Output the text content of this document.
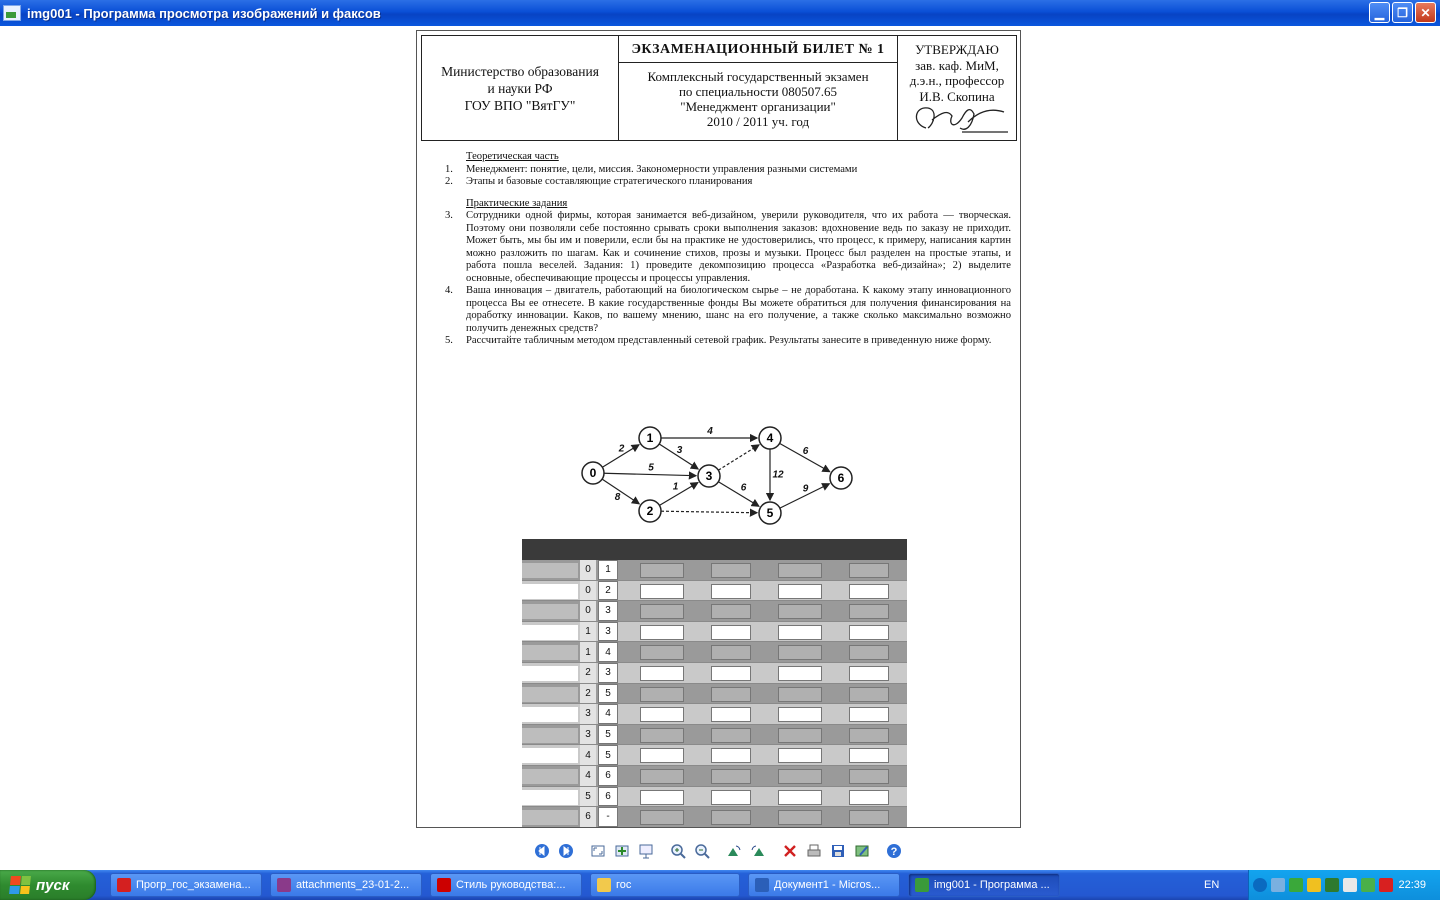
img001 - Программа просмотра изображений и факсов	▁ ❐ ✕
Министерство образования
и науки РФ
ГОУ ВПО "ВятГУ"
ЭКЗАМЕНАЦИОННЫЙ БИЛЕТ № 1
Комплексный государственный экзамен
по специальности 080507.65
"Менеджмент организации"
2010 / 2011 уч. год
УТВЕРЖДАЮ
зав. каф. МиМ,
д.э.н., профессор
И.В. Скопина
Теоретическая часть
1.	Менеджмент: понятие, цели, миссия. Закономерности управления разными системами
2.	Этапы и базовые составляющие стратегического планирования
Практические задания
3.	Сотрудники одной фирмы, которая занимается веб-дизайном, уверили руководителя, что их работа — творческая. Поэтому они позволяли себе постоянно срывать сроки выполнения заказов: вдохновение ведь по заказу не приходит. Может быть, мы бы им и поверили, если бы на практике не удостоверились, что процесс, к примеру, написания картин можно разложить по шагам. Как и сочинение стихов, прозы и музыки. Процесс был разделен на простые этапы, и работа пошла веселей. Задания: 1) проведите декомпозицию процесса «Разработка веб-дизайна»; 2) выделите основные, обеспечивающие процессы и процессы управления.
4.	Ваша инновация – двигатель, работающий на биологическом сырье – не доработана. К какому этапу инновационного процесса Вы ее отнесете. В какие государственные фонды Вы можете обратиться для получения финансирования на доработку инновации. Каков, по вашему мнению, шанс на его получение, а также сколько максимально возможно получить денежных средств?
5.	Рассчитайте табличным методом представленный сетевой график. Результаты занесите в приведенную ниже форму.
2
5
8
4
3
1	6
12
6
9
0
1
2
3
4
5
6
0	1
0	2
0	3
1	3
1	4
2	3
2	5
3	4
3	5
4	5
4	6
5	6
6	-
?
пуск	Прогр_гос_экзамена...	attachments_23-01-2...	Стиль руководства:...	гос	Документ1 - Micros...	img001 - Программа ...	EN	22:39
